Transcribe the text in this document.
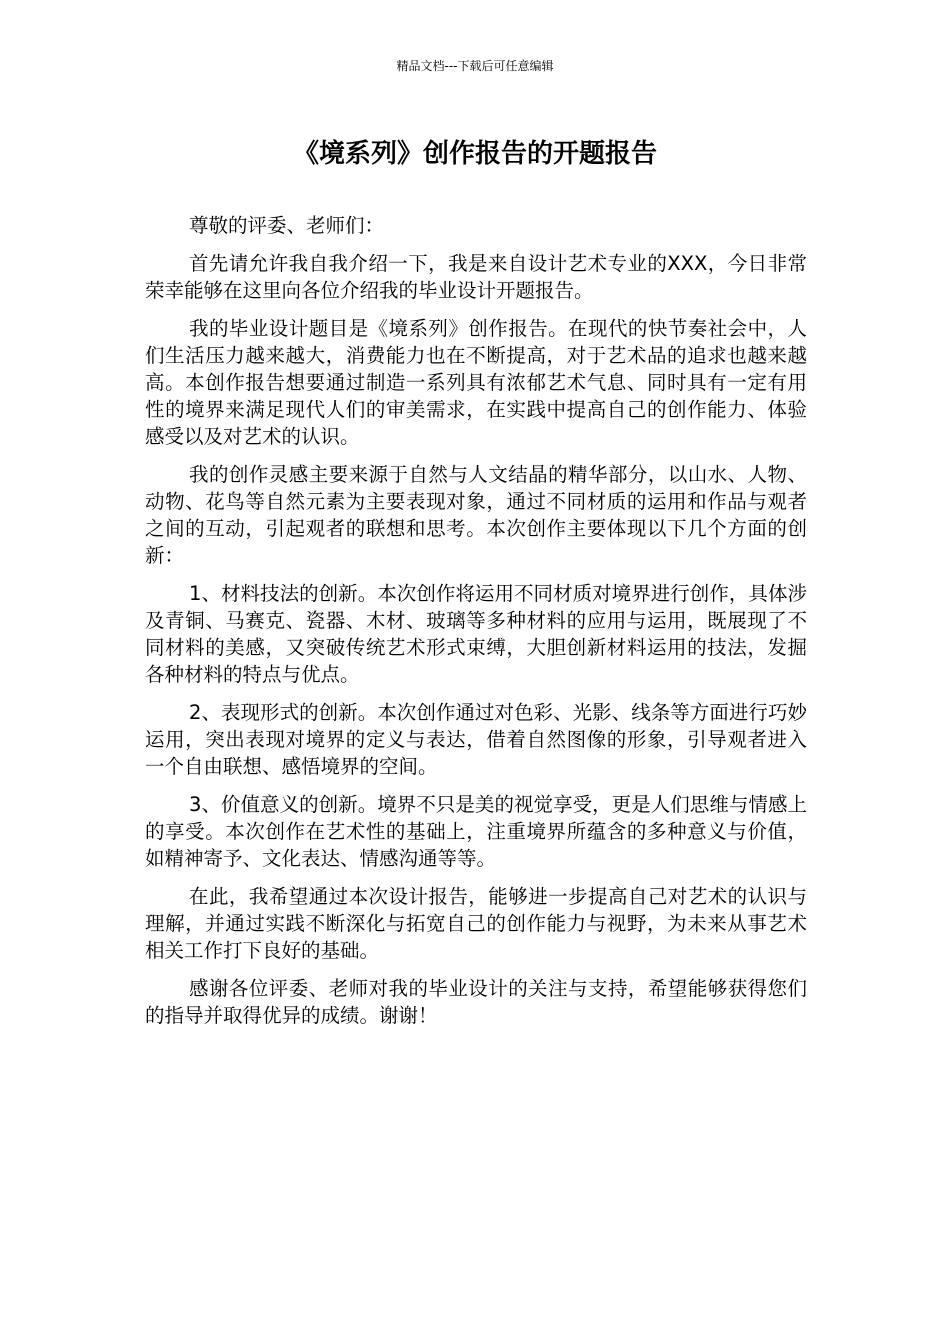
精品文档---下载后可任意编辑
《境系列》创作报告的开题报告

尊敬的评委、老师们：

首先请允许我自我介绍一下，我是来自设计艺术专业的XXX，今日非常荣幸能够在这里向各位介绍我的毕业设计开题报告。

我的毕业设计题目是《境系列》创作报告。在现代的快节奏社会中，人们生活压力越来越大，消费能力也在不断提高，对于艺术品的追求也越来越高。本创作报告想要通过制造一系列具有浓郁艺术气息、同时具有一定有用性的境界来满足现代人们的审美需求，在实践中提高自己的创作能力、体验感受以及对艺术的认识。

我的创作灵感主要来源于自然与人文结晶的精华部分，以山水、人物、动物、花鸟等自然元素为主要表现对象，通过不同材质的运用和作品与观者之间的互动，引起观者的联想和思考。本次创作主要体现以下几个方面的创新：

1、材料技法的创新。本次创作将运用不同材质对境界进行创作，具体涉及青铜、马赛克、瓷器、木材、玻璃等多种材料的应用与运用，既展现了不同材料的美感，又突破传统艺术形式束缚，大胆创新材料运用的技法，发掘各种材料的特点与优点。

2、表现形式的创新。本次创作通过对色彩、光影、线条等方面进行巧妙运用，突出表现对境界的定义与表达，借着自然图像的形象，引导观者进入一个自由联想、感悟境界的空间。

3、价值意义的创新。境界不只是美的视觉享受，更是人们思维与情感上的享受。本次创作在艺术性的基础上，注重境界所蕴含的多种意义与价值，如精神寄予、文化表达、情感沟通等等。

在此，我希望通过本次设计报告，能够进一步提高自己对艺术的认识与理解，并通过实践不断深化与拓宽自己的创作能力与视野，为未来从事艺术相关工作打下良好的基础。

感谢各位评委、老师对我的毕业设计的关注与支持，希望能够获得您们的指导并取得优异的成绩。谢谢！
